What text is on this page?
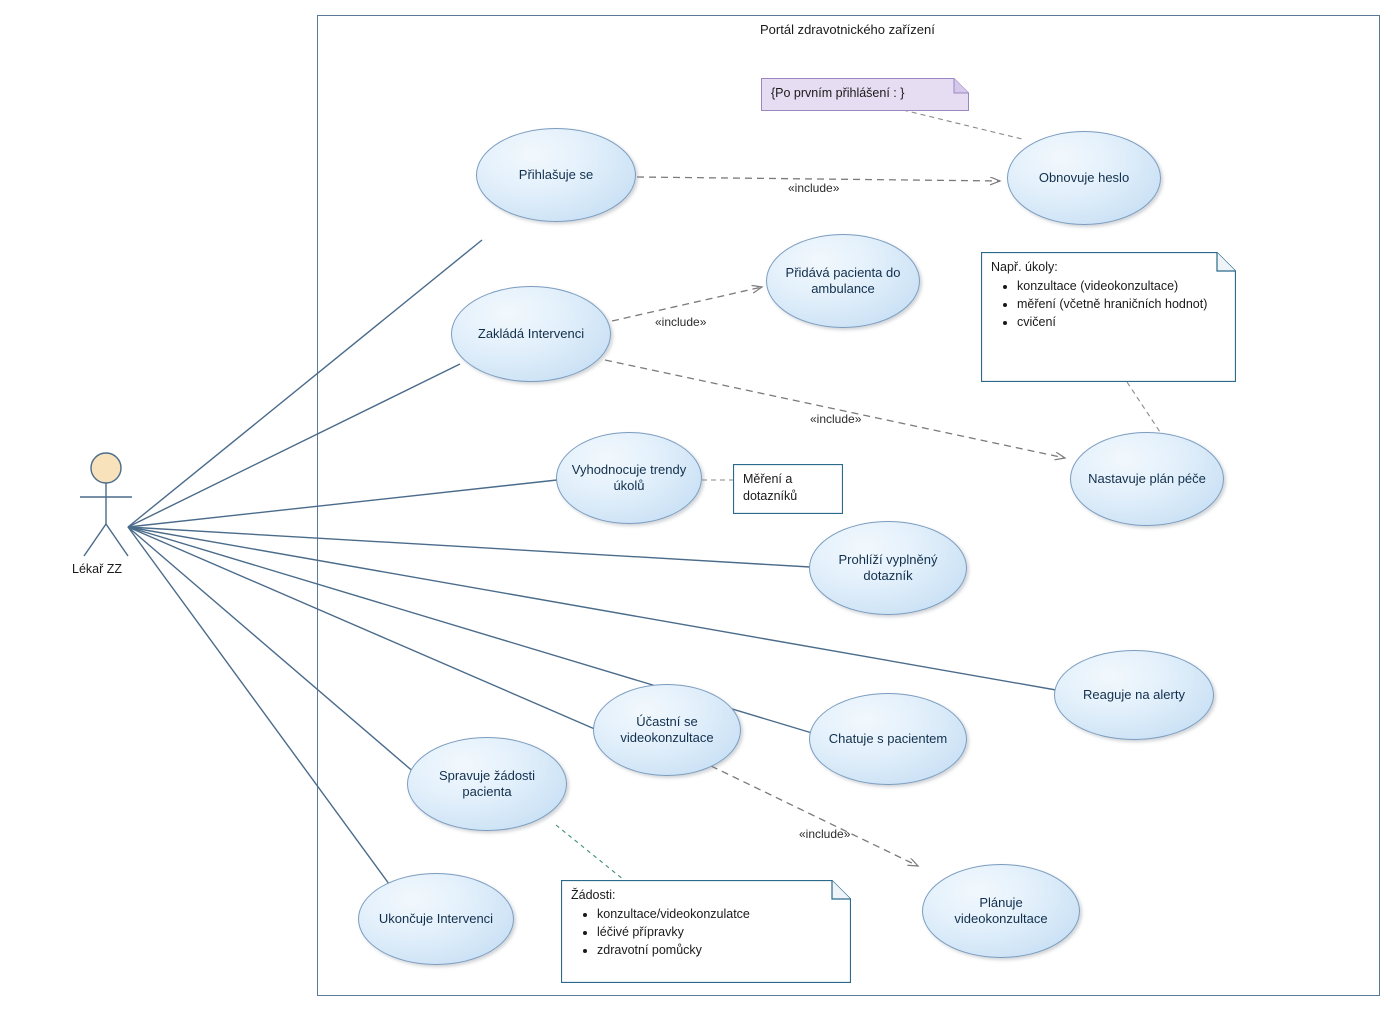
Portál zdravotnického zařízení
Lékař ZZ
Přihlašuje se	Obnovuje heslo
Přidává pacienta do ambulance
Zakládá Intervenci
Nastavuje plán péče
Vyhodnocuje trendy úkolů
Prohlíží vyplněný dotazník
Reaguje na alerty
Účastní se videokonzultace	Chatuje s pacientem
Spravuje žádosti pacienta
Plánuje videokonzultace
Ukončuje Intervenci
{Po prvním přihlášení : }
Např. úkoly:
• konzultace (videokonzultace)
• měření (včetně hraničních hodnot)
• cvičení
Měření a dotazníků
Žádosti:
• konzultace/videokonzulatce
• léčivé přípravky
• zdravotní pomůcky
«include»
«include»
«include»
«include»
